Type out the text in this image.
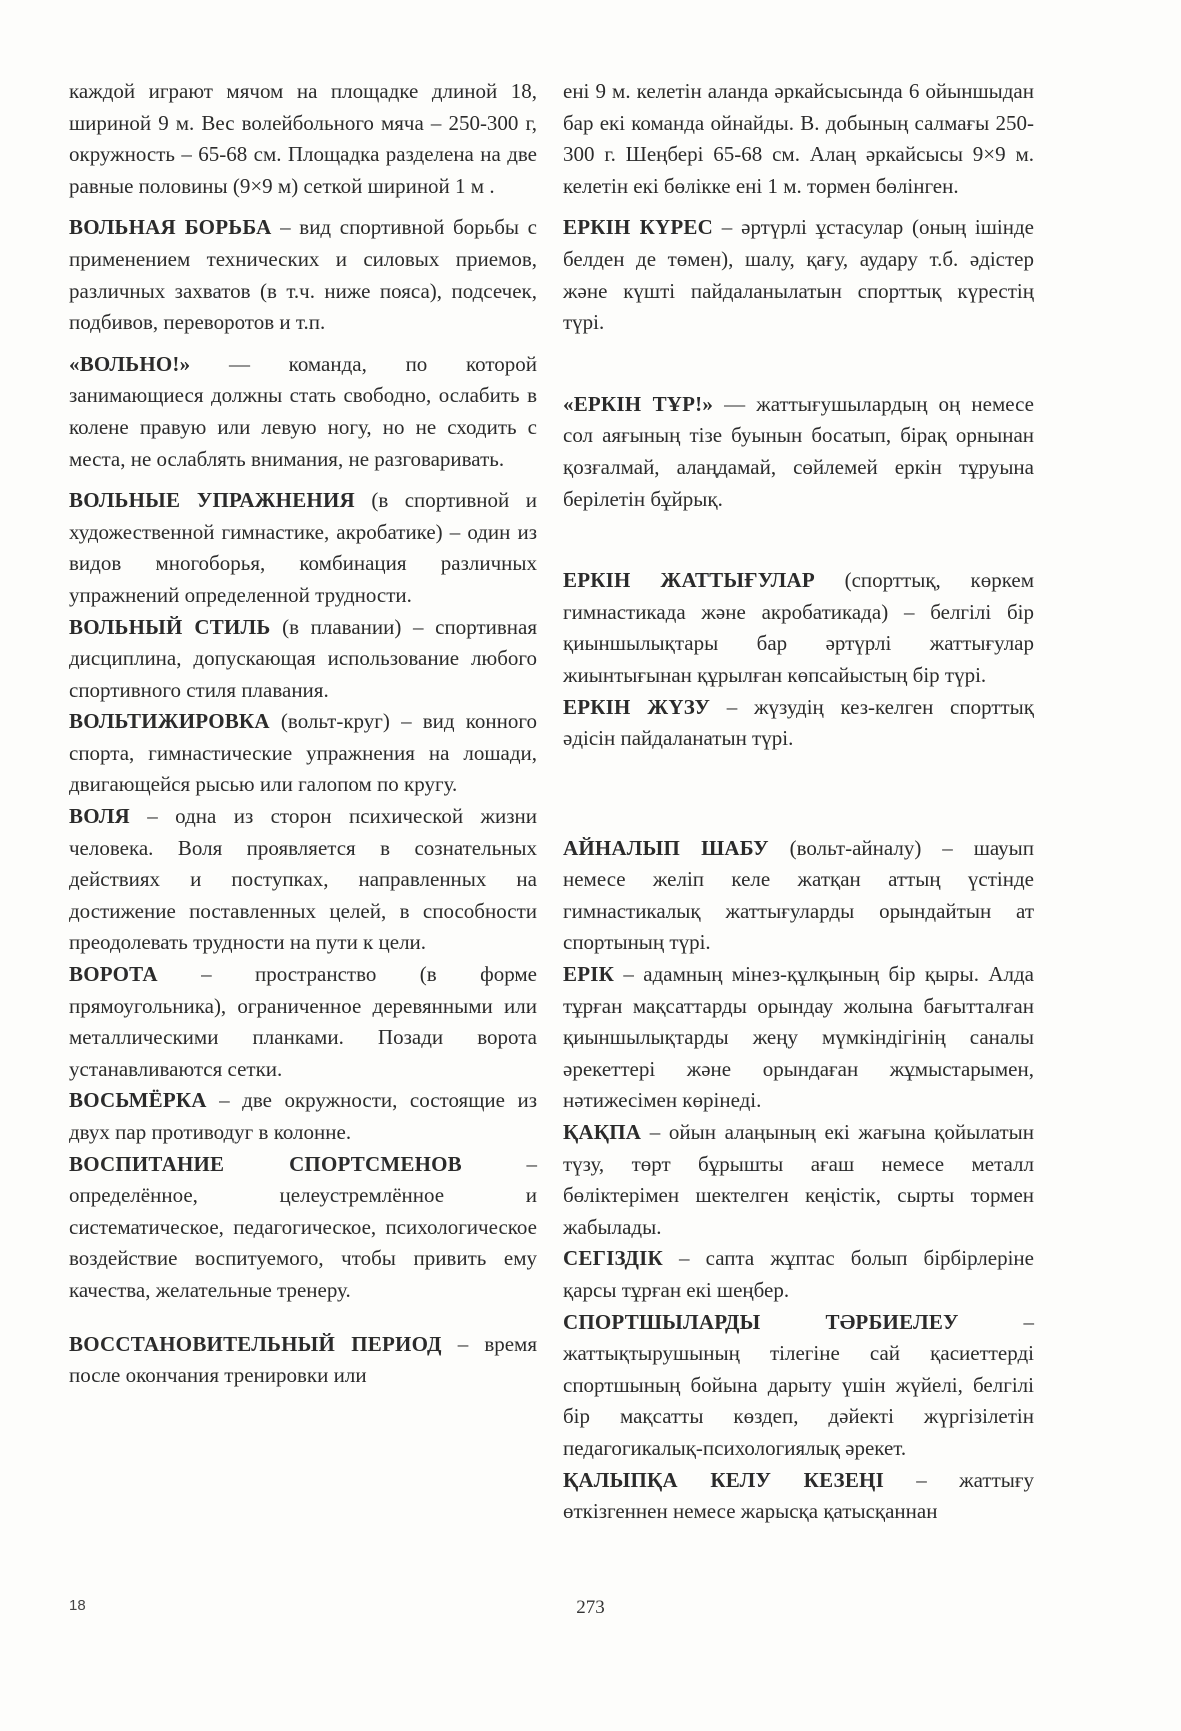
каждой играют мячом на площадке длиной 18, шириной 9 м. Вес волейбольного мяча – 250-300 г, окружность – 65-68 см. Площадка разделена на две равные половины (9×9 м) сеткой шириной 1 м .

ВОЛЬНАЯ БОРЬБА – вид спортивной борьбы с применением технических и силовых приемов, различных захватов (в т.ч. ниже пояса), подсечек, подбивов, переворотов и т.п.

«ВОЛЬНО!» — команда, по которой занимающиеся должны стать свободно, ослабить в колене правую или левую ногу, но не сходить с места, не ослаблять внимания, не разговаривать.

ВОЛЬНЫЕ УПРАЖНЕНИЯ (в спортивной и художественной гимнастике, акробатике) – один из видов многоборья, комбинация различных упражнений определенной трудности.

ВОЛЬНЫЙ СТИЛЬ (в плавании) – спортивная дисциплина, допускающая использование любого спортивного стиля плавания.

ВОЛЬТИЖИРОВКА (вольт-круг) – вид конного спорта, гимнастические упражнения на лошади, двигающейся рысью или галопом по кругу.

ВОЛЯ – одна из сторон психической жизни человека. Воля проявляется в сознательных действиях и поступках, направленных на достижение поставленных целей, в способности преодолевать трудности на пути к цели.

ВОРОТА – пространство (в форме прямоугольника), ограниченное деревянными или металлическими планками. Позади ворота устанавливаются сетки.

ВОСЬМЁРКА – две окружности, состоящие из двух пар противодуг в колонне.

ВОСПИТАНИЕ СПОРТСМЕНОВ – определённое, целеустремлённое и систематическое, педагогическое, психологическое воздействие воспитуемого, чтобы привить ему качества, желательные тренеру.

ВОССТАНОВИТЕЛЬНЫЙ ПЕРИОД – время после окончания тренировки или

ені 9 м. келетін аланда әркайсысында 6 ойыншыдан бар екі команда ойнайды. В. добының салмағы 250-300 г. Шеңбері 65-68 см. Алаң әркайсысы 9×9 м. келетін екі бөлікке ені 1 м. тормен бөлінген.

ЕРКІН КҮРЕС – әртүрлі ұстасулар (оның ішінде белден де төмен), шалу, қағу, аудару т.б. әдістер және күшті пайдаланылатын спорттық күрестің түрі.

«ЕРКІН ТҰР!» — жаттығушылардың оң немесе сол аяғының тізе буынын босатып, бірақ орнынан қозғалмай, алаңдамай, сөйлемей еркін тұруына берілетін бұйрық.

ЕРКІН ЖАТТЫҒУЛАР (спорттық, көркем гимнастикада және акробатикада) – белгілі бір қиыншылықтары бар әртүрлі жаттығулар жиынтығынан құрылған көпсайыстың бір түрі.

ЕРКІН ЖҮЗУ – жүзудің кез-келген спорттық әдісін пайдаланатын түрі.

АЙНАЛЫП ШАБУ (вольт-айналу) – шауып немесе желіп келе жатқан аттың үстінде гимнастикалық жаттығуларды орындайтын ат спортының түрі.

ЕРІК – адамның мінез-құлқының бір қыры. Алда тұрған мақсаттарды орындау жолына бағытталған қиыншылықтарды жеңу мүмкіндігінің саналы әрекеттері және орындаған жұмыстарымен, нәтижесімен көрінеді.

ҚАҚПА – ойын алаңының екі жағына қойылатын түзу, төрт бұрышты ағаш немесе металл бөліктерімен шектелген кеңістік, сырты тормен жабылады.

СЕГІЗДІК – сапта жұптас болып бірбірлеріне қарсы тұрған екі шеңбер.

СПОРТШЫЛАРДЫ ТӘРБИЕЛЕУ – жаттықтырушының тілегіне сай қасиеттерді спортшының бойына дарыту үшін жүйелі, белгілі бір мақсатты көздеп, дәйекті жүргізілетін педагогикалық-психологиялық әрекет.

ҚАЛЫПҚА КЕЛУ КЕЗЕҢІ – жаттығу өткізгеннен немесе жарысқа қатысқаннан

18	273
